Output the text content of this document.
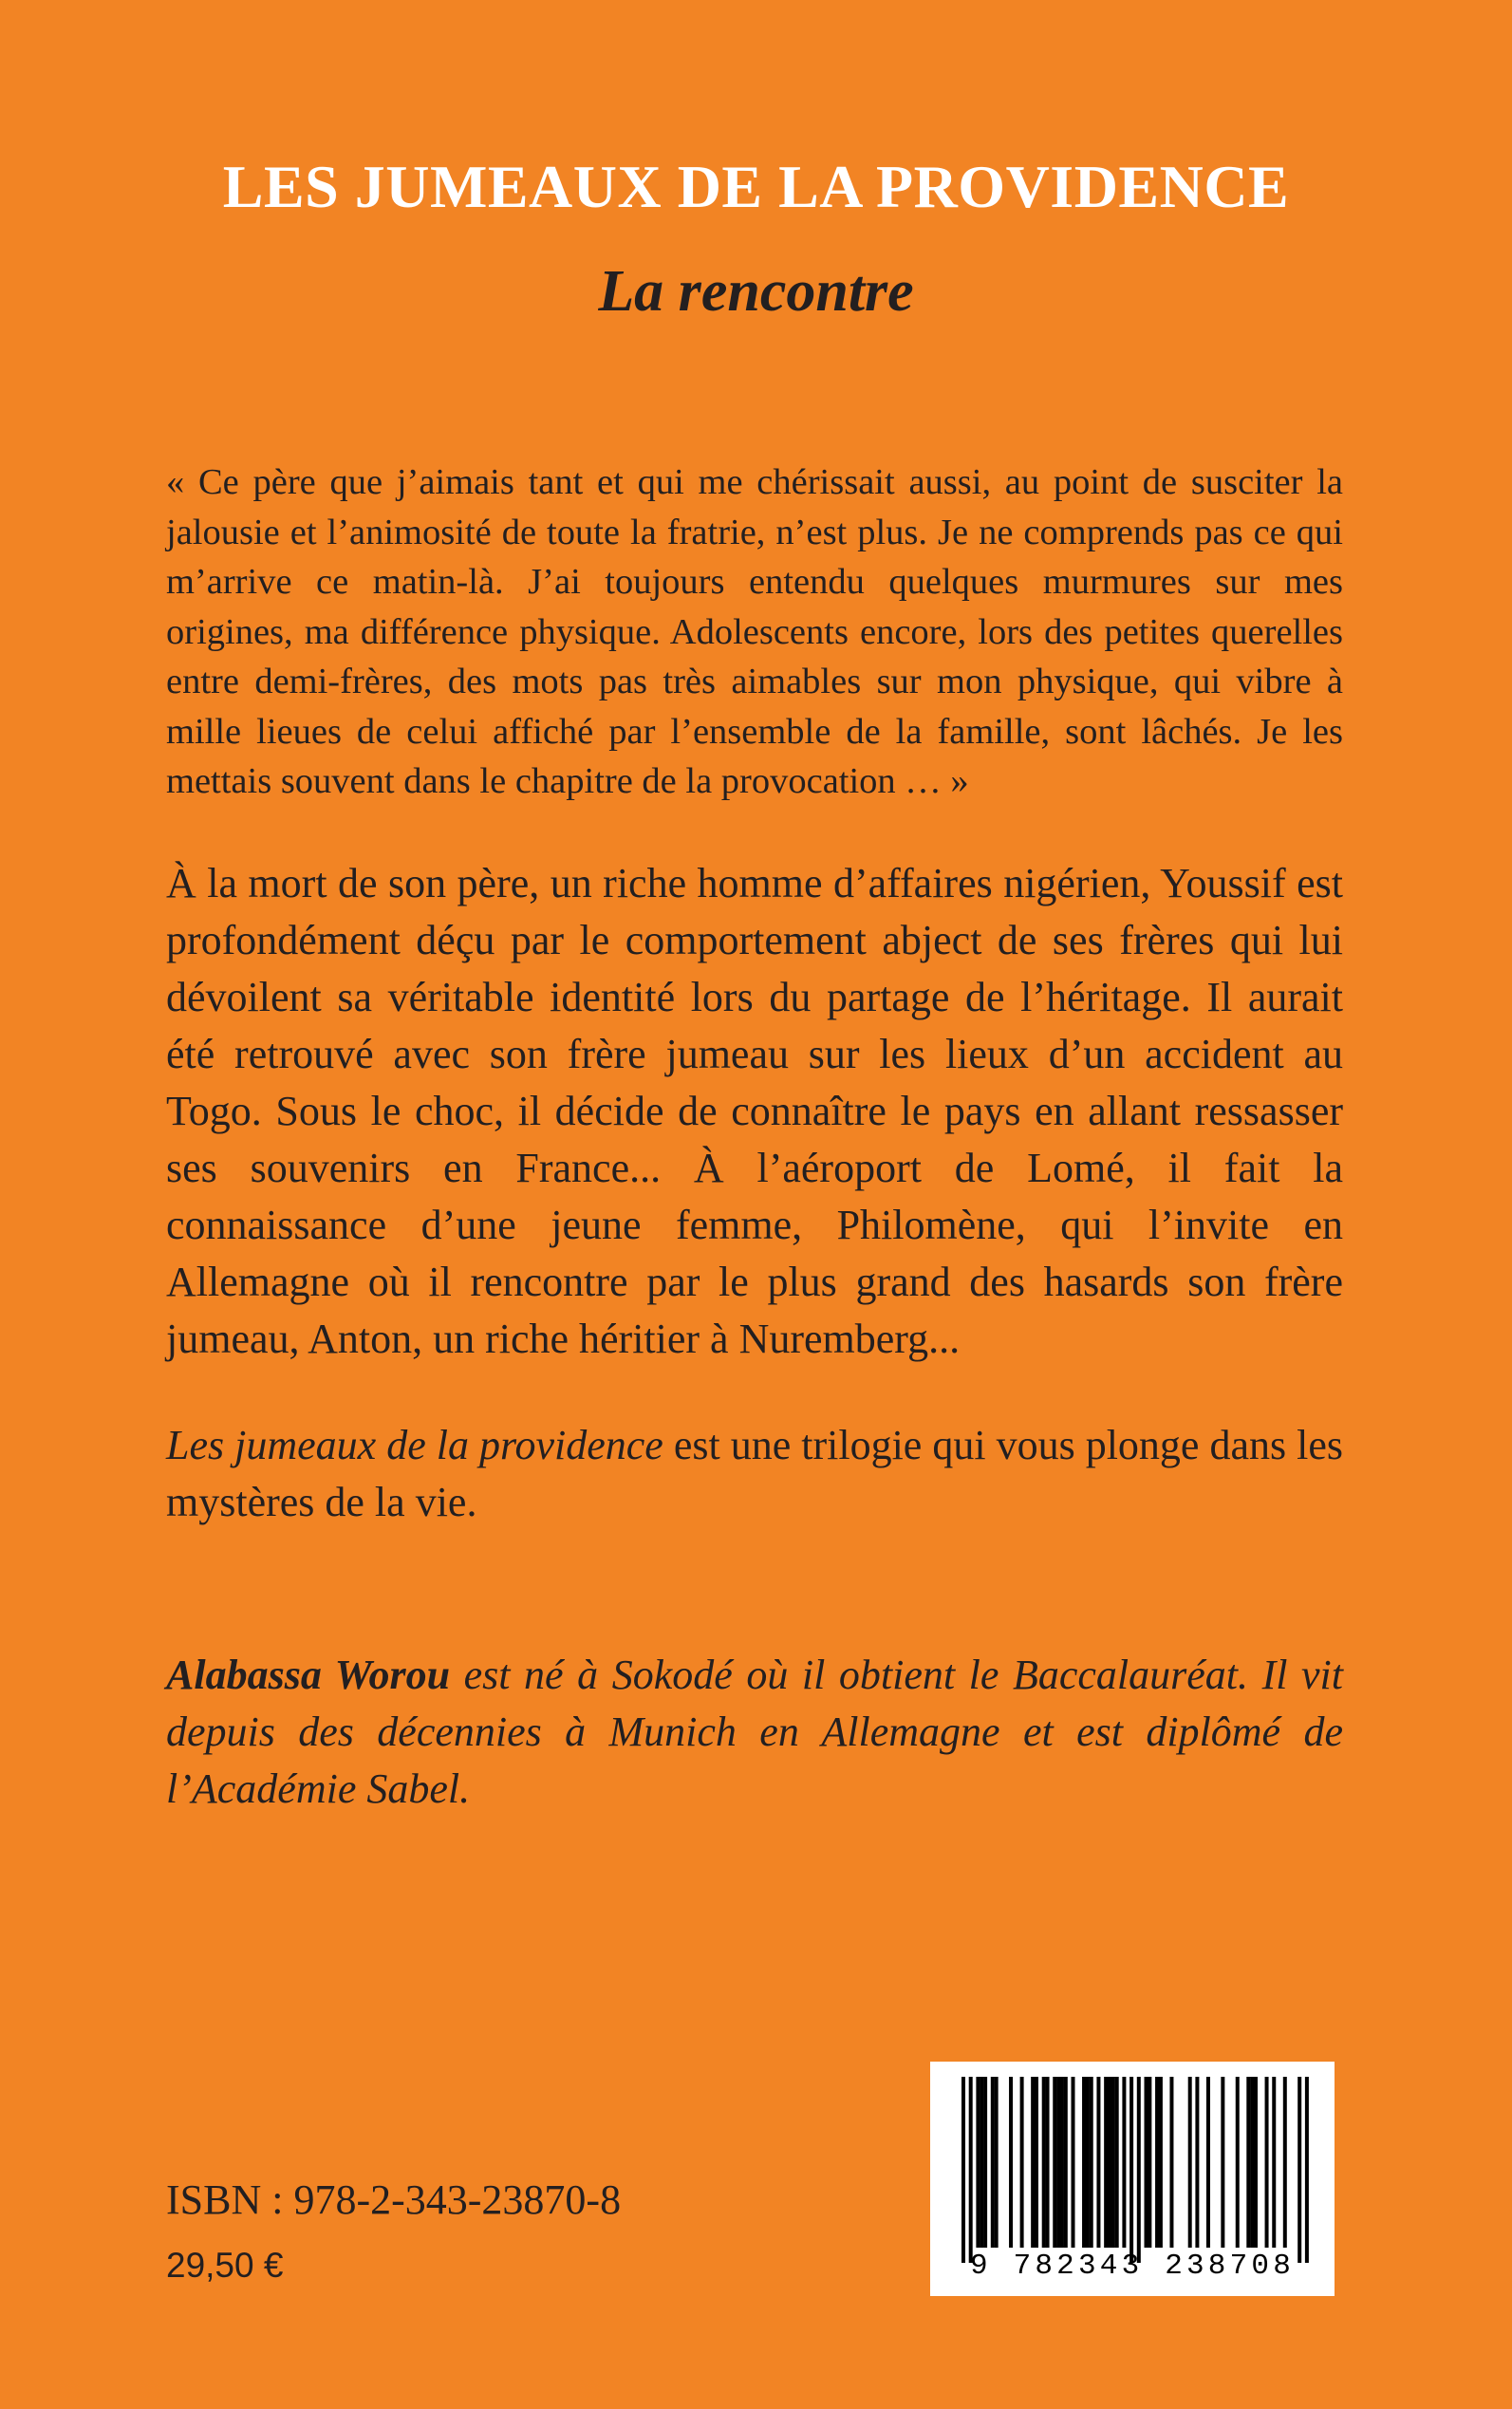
LES JUMEAUX DE LA PROVIDENCE
La rencontre

« Ce père que j’aimais tant et qui me chérissait aussi, au point de susciter la jalousie et l’animosité de toute la fratrie, n’est plus. Je ne comprends pas ce qui m’arrive ce matin-là. J’ai toujours entendu quelques murmures sur mes origines, ma différence physique. Adolescents encore, lors des petites querelles entre demi-frères, des mots pas très aimables sur mon physique, qui vibre à mille lieues de celui affiché par l’ensemble de la famille, sont lâchés. Je les mettais souvent dans le chapitre de la provocation … »

À la mort de son père, un riche homme d’affaires nigérien, Youssif est profondément déçu par le comportement abject de ses frères qui lui dévoilent sa véritable identité lors du partage de l’héritage. Il aurait été retrouvé avec son frère jumeau sur les lieux d’un accident au Togo. Sous le choc, il décide de connaître le pays en allant ressasser ses souvenirs en France... À l’aéroport de Lomé, il fait la connaissance d’une jeune femme, Philomène, qui l’invite en Allemagne où il rencontre par le plus grand des hasards son frère jumeau, Anton, un riche héritier à Nuremberg...

Les jumeaux de la providence est une trilogie qui vous plonge dans les mystères de la vie.

Alabassa Worou est né à Sokodé où il obtient le Baccalauréat. Il vit depuis des décennies à Munich en Allemagne et est diplômé de l’Académie Sabel.

ISBN : 978-2-343-23870-8

29,50 €	9 782343 238708
